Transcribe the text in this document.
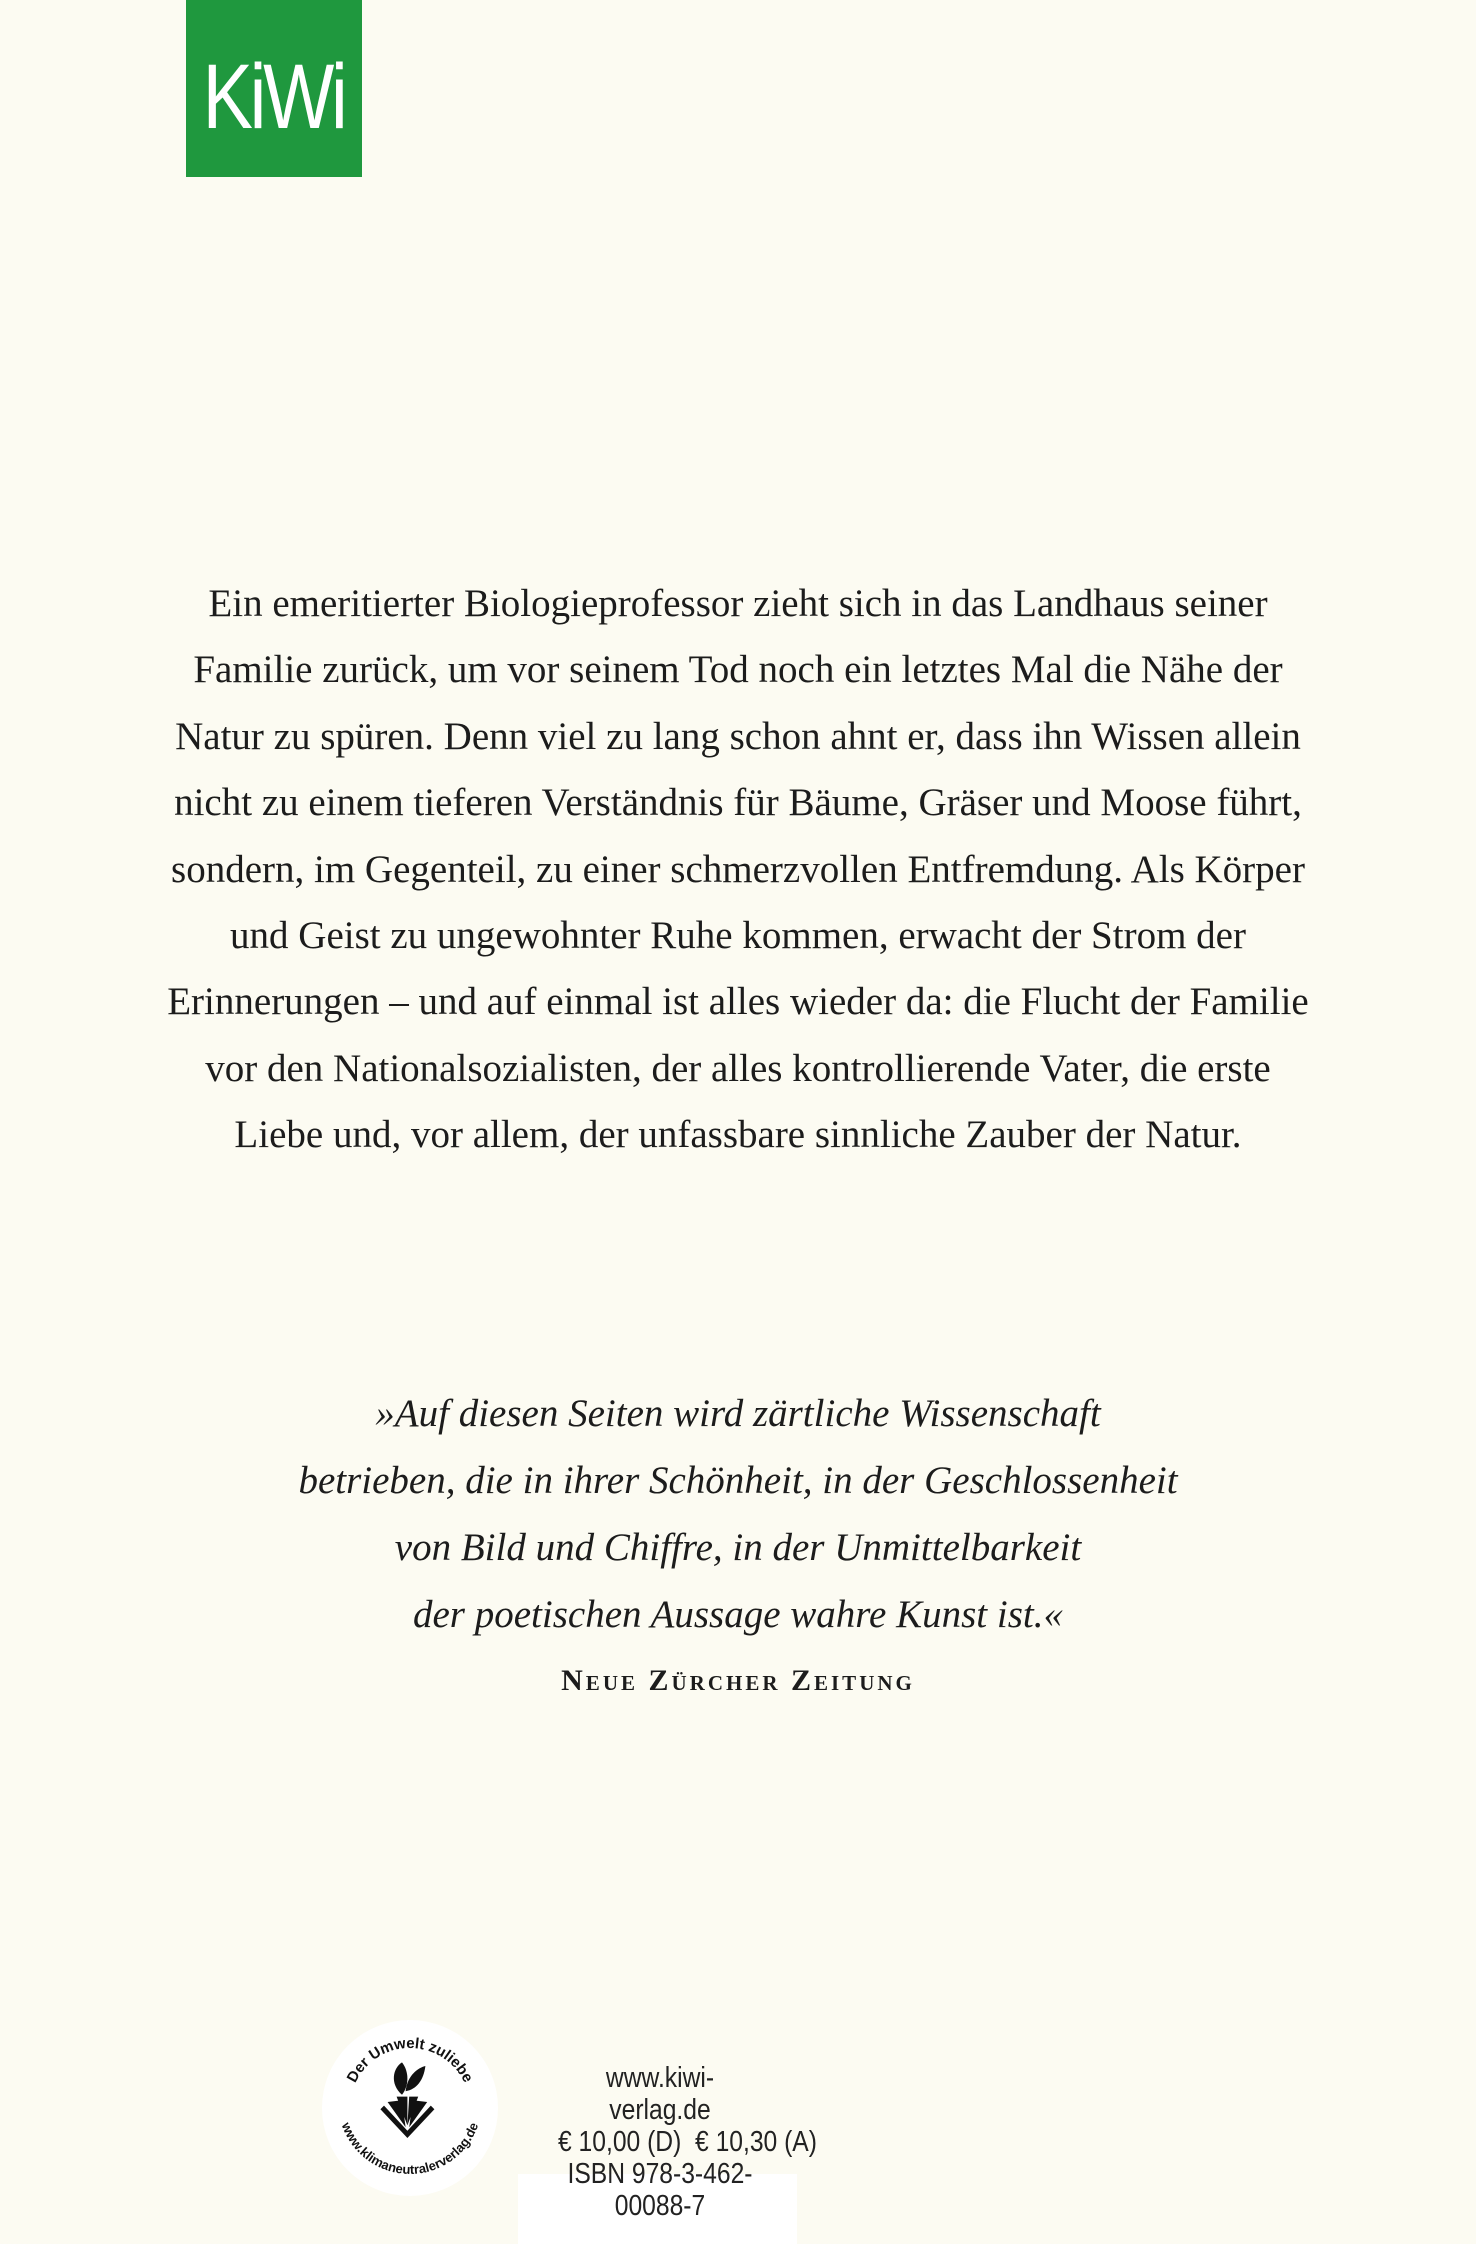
KiWi
Ein emeritierter Biologieprofessor zieht sich in das Landhaus seiner
Familie zurück, um vor seinem Tod noch ein letztes Mal die Nähe der
Natur zu spüren. Denn viel zu lang schon ahnt er, dass ihn Wissen allein
nicht zu einem tieferen Verständnis für Bäume, Gräser und Moose führt,
sondern, im Gegenteil, zu einer schmerzvollen Entfremdung. Als Körper
und Geist zu ungewohnter Ruhe kommen, erwacht der Strom der
Erinnerungen – und auf einmal ist alles wieder da: die Flucht der Familie
vor den Nationalsozialisten, der alles kontrollierende Vater, die erste
Liebe und, vor allem, der unfassbare sinnliche Zauber der Natur.
»Auf diesen Seiten wird zärtliche Wissenschaft
betrieben, die in ihrer Schönheit, in der Geschlossenheit
von Bild und Chiffre, in der Unmittelbarkeit
der poetischen Aussage wahre Kunst ist.«
Neue Zürcher Zeitung
Der Umwelt zuliebe
www.klimaneutralerverlag.de
www.kiwi-verlag.de
€ 10,00 (D)  € 10,30 (A)
ISBN 978-3-462-00088-7
